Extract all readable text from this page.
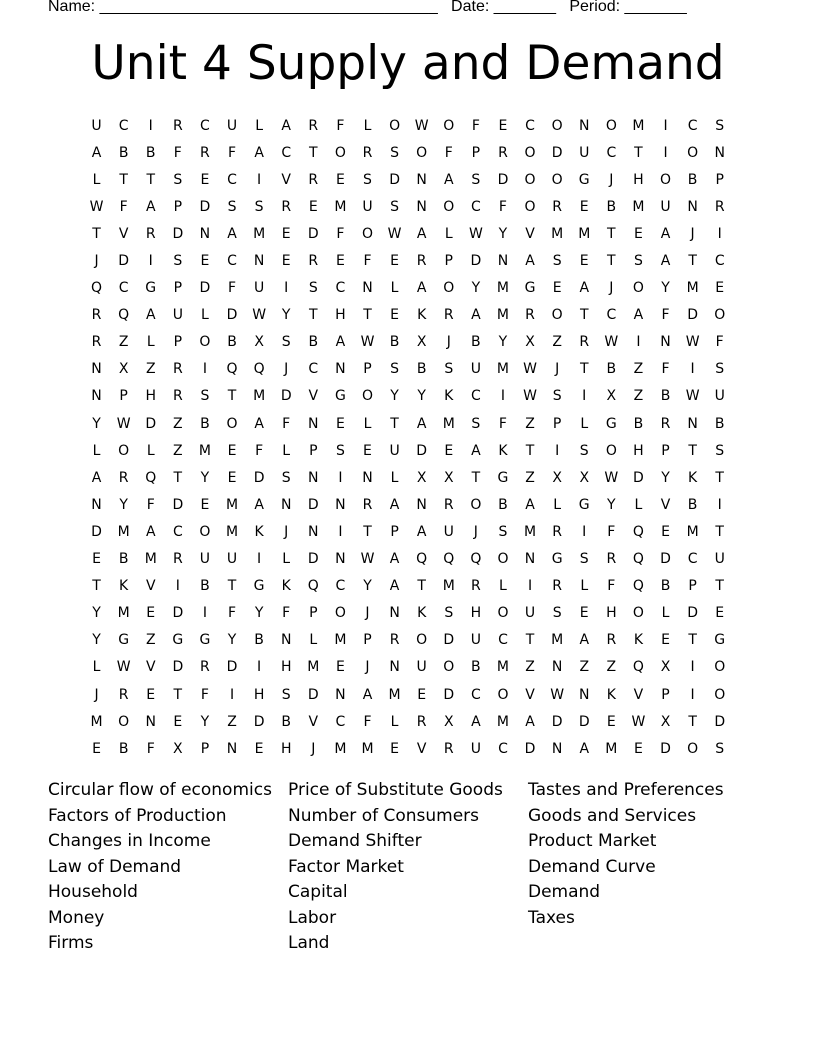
Name: ______________________________________   Date: _______   Period: _______
Unit 4 Supply and Demand
U	C	I	R	C	U	L	A	R	F	L	O	W	O	F	E	C	O	N	O	M	I	C	S
A	B	B	F	R	F	A	C	T	O	R	S	O	F	P	R	O	D	U	C	T	I	O	N
L	T	T	S	E	C	I	V	R	E	S	D	N	A	S	D	O	O	G	J	H	O	B	P
W	F	A	P	D	S	S	R	E	M	U	S	N	O	C	F	O	R	E	B	M	U	N	R
T	V	R	D	N	A	M	E	D	F	O	W	A	L	W	Y	V	M	M	T	E	A	J	I
J	D	I	S	E	C	N	E	R	E	F	E	R	P	D	N	A	S	E	T	S	A	T	C
Q	C	G	P	D	F	U	I	S	C	N	L	A	O	Y	M	G	E	A	J	O	Y	M	E
R	Q	A	U	L	D	W	Y	T	H	T	E	K	R	A	M	R	O	T	C	A	F	D	O
R	Z	L	P	O	B	X	S	B	A	W	B	X	J	B	Y	X	Z	R	W	I	N	W	F
N	X	Z	R	I	Q	Q	J	C	N	P	S	B	S	U	M	W	J	T	B	Z	F	I	S
N	P	H	R	S	T	M	D	V	G	O	Y	Y	K	C	I	W	S	I	X	Z	B	W	U
Y	W	D	Z	B	O	A	F	N	E	L	T	A	M	S	F	Z	P	L	G	B	R	N	B
L	O	L	Z	M	E	F	L	P	S	E	U	D	E	A	K	T	I	S	O	H	P	T	S
A	R	Q	T	Y	E	D	S	N	I	N	L	X	X	T	G	Z	X	X	W	D	Y	K	T
N	Y	F	D	E	M	A	N	D	N	R	A	N	R	O	B	A	L	G	Y	L	V	B	I
D	M	A	C	O	M	K	J	N	I	T	P	A	U	J	S	M	R	I	F	Q	E	M	T
E	B	M	R	U	U	I	L	D	N	W	A	Q	Q	Q	O	N	G	S	R	Q	D	C	U
T	K	V	I	B	T	G	K	Q	C	Y	A	T	M	R	L	I	R	L	F	Q	B	P	T
Y	M	E	D	I	F	Y	F	P	O	J	N	K	S	H	O	U	S	E	H	O	L	D	E
Y	G	Z	G	G	Y	B	N	L	M	P	R	O	D	U	C	T	M	A	R	K	E	T	G
L	W	V	D	R	D	I	H	M	E	J	N	U	O	B	M	Z	N	Z	Z	Q	X	I	O
J	R	E	T	F	I	H	S	D	N	A	M	E	D	C	O	V	W	N	K	V	P	I	O
M	O	N	E	Y	Z	D	B	V	C	F	L	R	X	A	M	A	D	D	E	W	X	T	D
E	B	F	X	P	N	E	H	J	M	M	E	V	R	U	C	D	N	A	M	E	D	O	S
Circular flow of economics
Factors of Production
Changes in Income
Law of Demand
Household
Money
Firms
Price of Substitute Goods
Number of Consumers
Demand Shifter
Factor Market
Capital
Labor
Land
Tastes and Preferences
Goods and Services
Product Market
Demand Curve
Demand
Taxes
